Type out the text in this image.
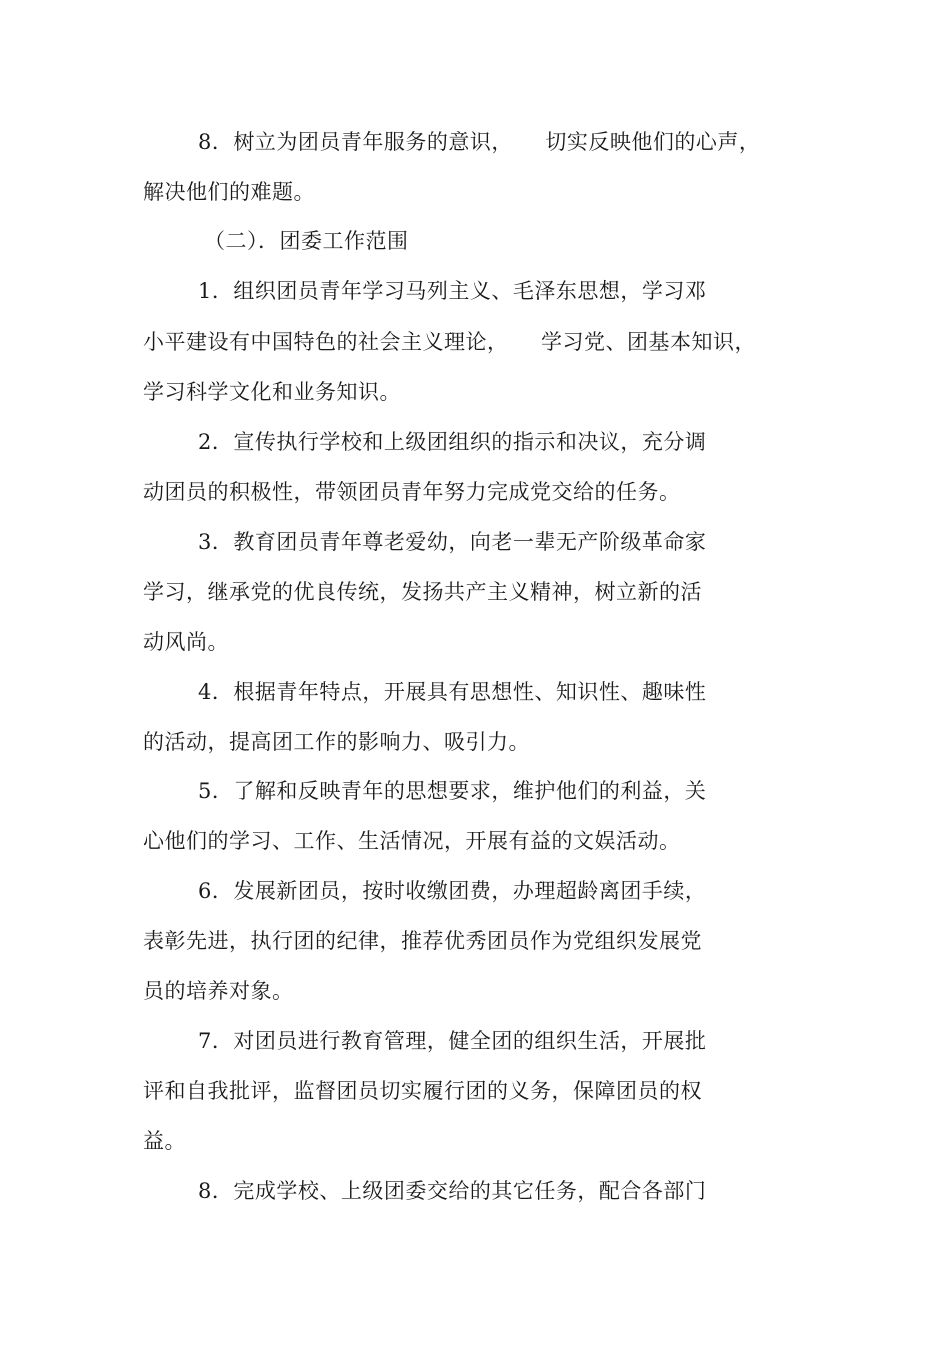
8．树立为团员青年服务的意识，　　切实反映他们的心声，
解决他们的难题。
（二）．团委工作范围
1．组织团员青年学习马列主义、毛泽东思想，学习邓
小平建设有中国特色的社会主义理论，　　学习党、团基本知识，
学习科学文化和业务知识。
2．宣传执行学校和上级团组织的指示和决议，充分调
动团员的积极性，带领团员青年努力完成党交给的任务。
3．教育团员青年尊老爱幼，向老一辈无产阶级革命家
学习，继承党的优良传统，发扬共产主义精神，树立新的活
动风尚。
4．根据青年特点，开展具有思想性、知识性、趣味性
的活动，提高团工作的影响力、吸引力。
5．了解和反映青年的思想要求，维护他们的利益，关
心他们的学习、工作、生活情况，开展有益的文娱活动。
6．发展新团员，按时收缴团费，办理超龄离团手续，
表彰先进，执行团的纪律，推荐优秀团员作为党组织发展党
员的培养对象。
7．对团员进行教育管理，健全团的组织生活，开展批
评和自我批评，监督团员切实履行团的义务，保障团员的权
益。
8．完成学校、上级团委交给的其它任务，配合各部门
